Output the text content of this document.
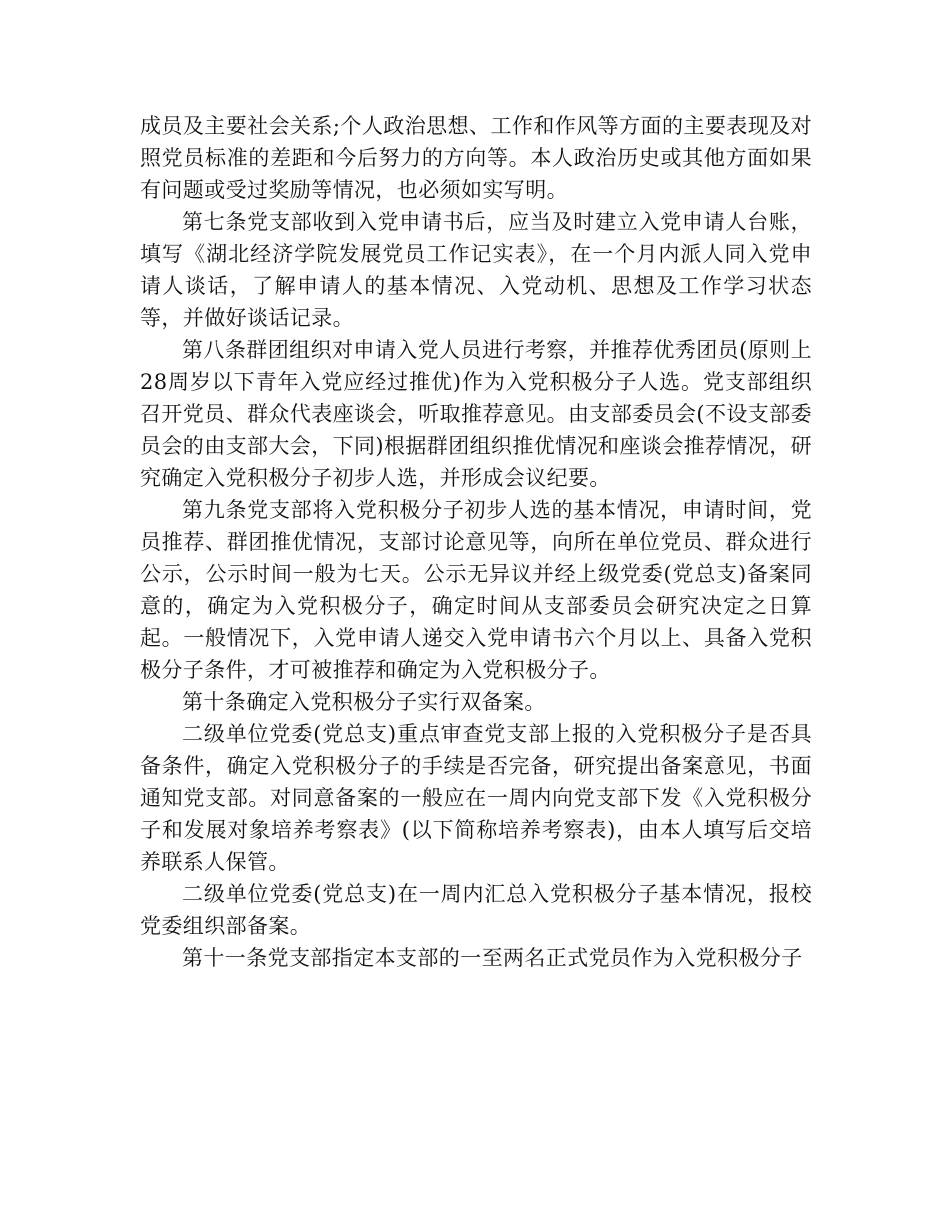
成员及主要社会关系;个人政治思想、工作和作风等方面的主要表现及对照党员标准的差距和今后努力的方向等。本人政治历史或其他方面如果有问题或受过奖励等情况，也必须如实写明。

第七条党支部收到入党申请书后，应当及时建立入党申请人台账，填写《湖北经济学院发展党员工作记实表》，在一个月内派人同入党申请人谈话，了解申请人的基本情况、入党动机、思想及工作学习状态等，并做好谈话记录。

第八条群团组织对申请入党人员进行考察，并推荐优秀团员(原则上28周岁以下青年入党应经过推优)作为入党积极分子人选。党支部组织召开党员、群众代表座谈会，听取推荐意见。由支部委员会(不设支部委员会的由支部大会，下同)根据群团组织推优情况和座谈会推荐情况，研究确定入党积极分子初步人选，并形成会议纪要。

第九条党支部将入党积极分子初步人选的基本情况，申请时间，党员推荐、群团推优情况，支部讨论意见等，向所在单位党员、群众进行公示，公示时间一般为七天。公示无异议并经上级党委(党总支)备案同意的，确定为入党积极分子，确定时间从支部委员会研究决定之日算起。一般情况下，入党申请人递交入党申请书六个月以上、具备入党积极分子条件，才可被推荐和确定为入党积极分子。

第十条确定入党积极分子实行双备案。

二级单位党委(党总支)重点审查党支部上报的入党积极分子是否具备条件，确定入党积极分子的手续是否完备，研究提出备案意见，书面通知党支部。对同意备案的一般应在一周内向党支部下发《入党积极分子和发展对象培养考察表》(以下简称培养考察表)，由本人填写后交培养联系人保管。

二级单位党委(党总支)在一周内汇总入党积极分子基本情况，报校党委组织部备案。

第十一条党支部指定本支部的一至两名正式党员作为入党积极分子
